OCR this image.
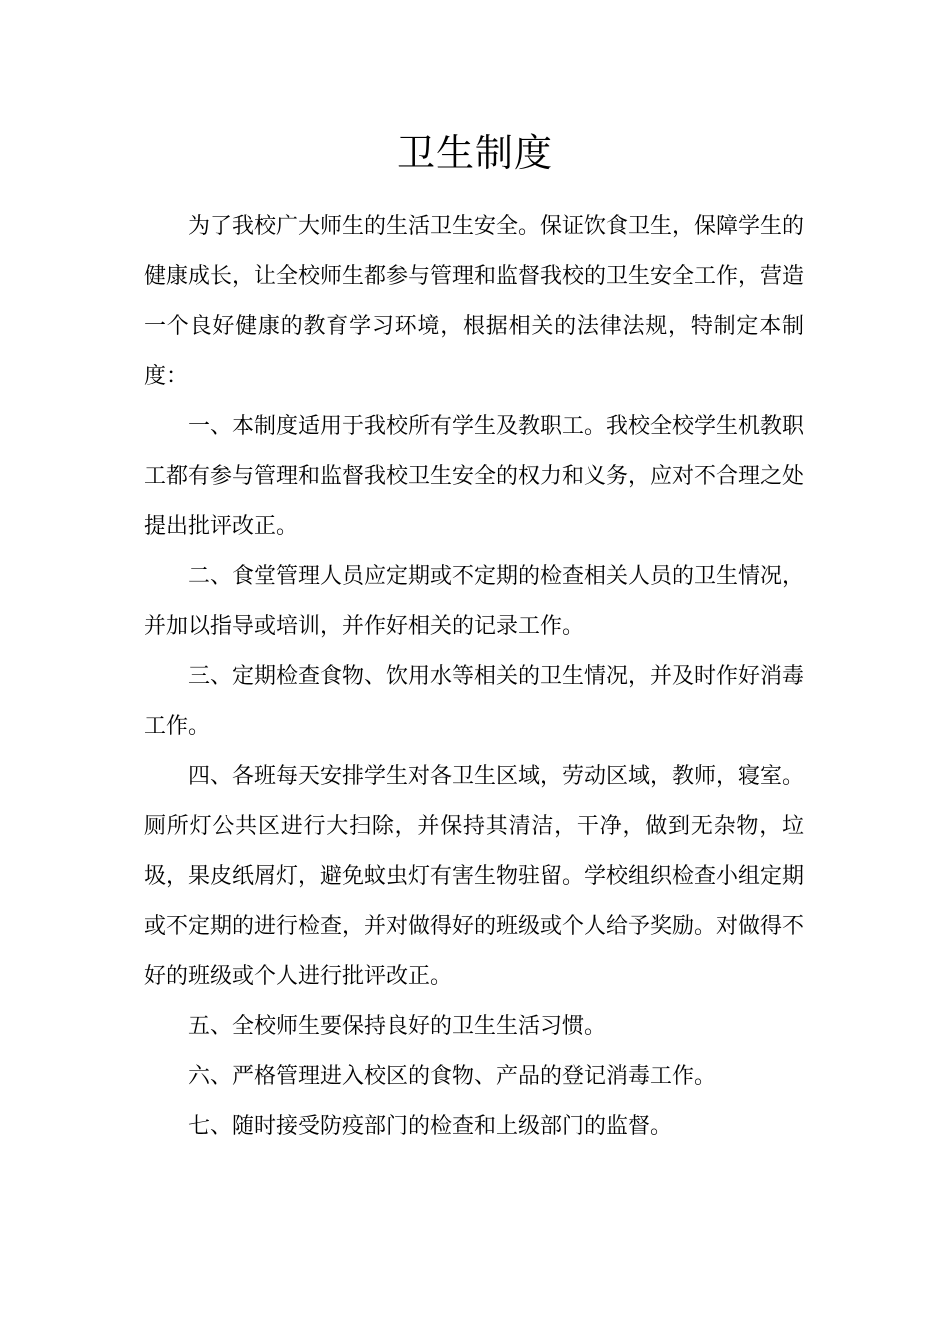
卫生制度

为了我校广大师生的生活卫生安全。保证饮食卫生，保障学生的健康成长，让全校师生都参与管理和监督我校的卫生安全工作，营造一个良好健康的教育学习环境，根据相关的法律法规，特制定本制度：

一、本制度适用于我校所有学生及教职工。我校全校学生机教职工都有参与管理和监督我校卫生安全的权力和义务，应对不合理之处提出批评改正。

二、食堂管理人员应定期或不定期的检查相关人员的卫生情况，并加以指导或培训，并作好相关的记录工作。

三、定期检查食物、饮用水等相关的卫生情况，并及时作好消毒工作。

四、各班每天安排学生对各卫生区域，劳动区域，教师，寝室。厕所灯公共区进行大扫除，并保持其清洁，干净，做到无杂物，垃圾，果皮纸屑灯，避免蚊虫灯有害生物驻留。学校组织检查小组定期或不定期的进行检查，并对做得好的班级或个人给予奖励。对做得不好的班级或个人进行批评改正。

五、全校师生要保持良好的卫生生活习惯。

六、严格管理进入校区的食物、产品的登记消毒工作。

七、随时接受防疫部门的检查和上级部门的监督。
